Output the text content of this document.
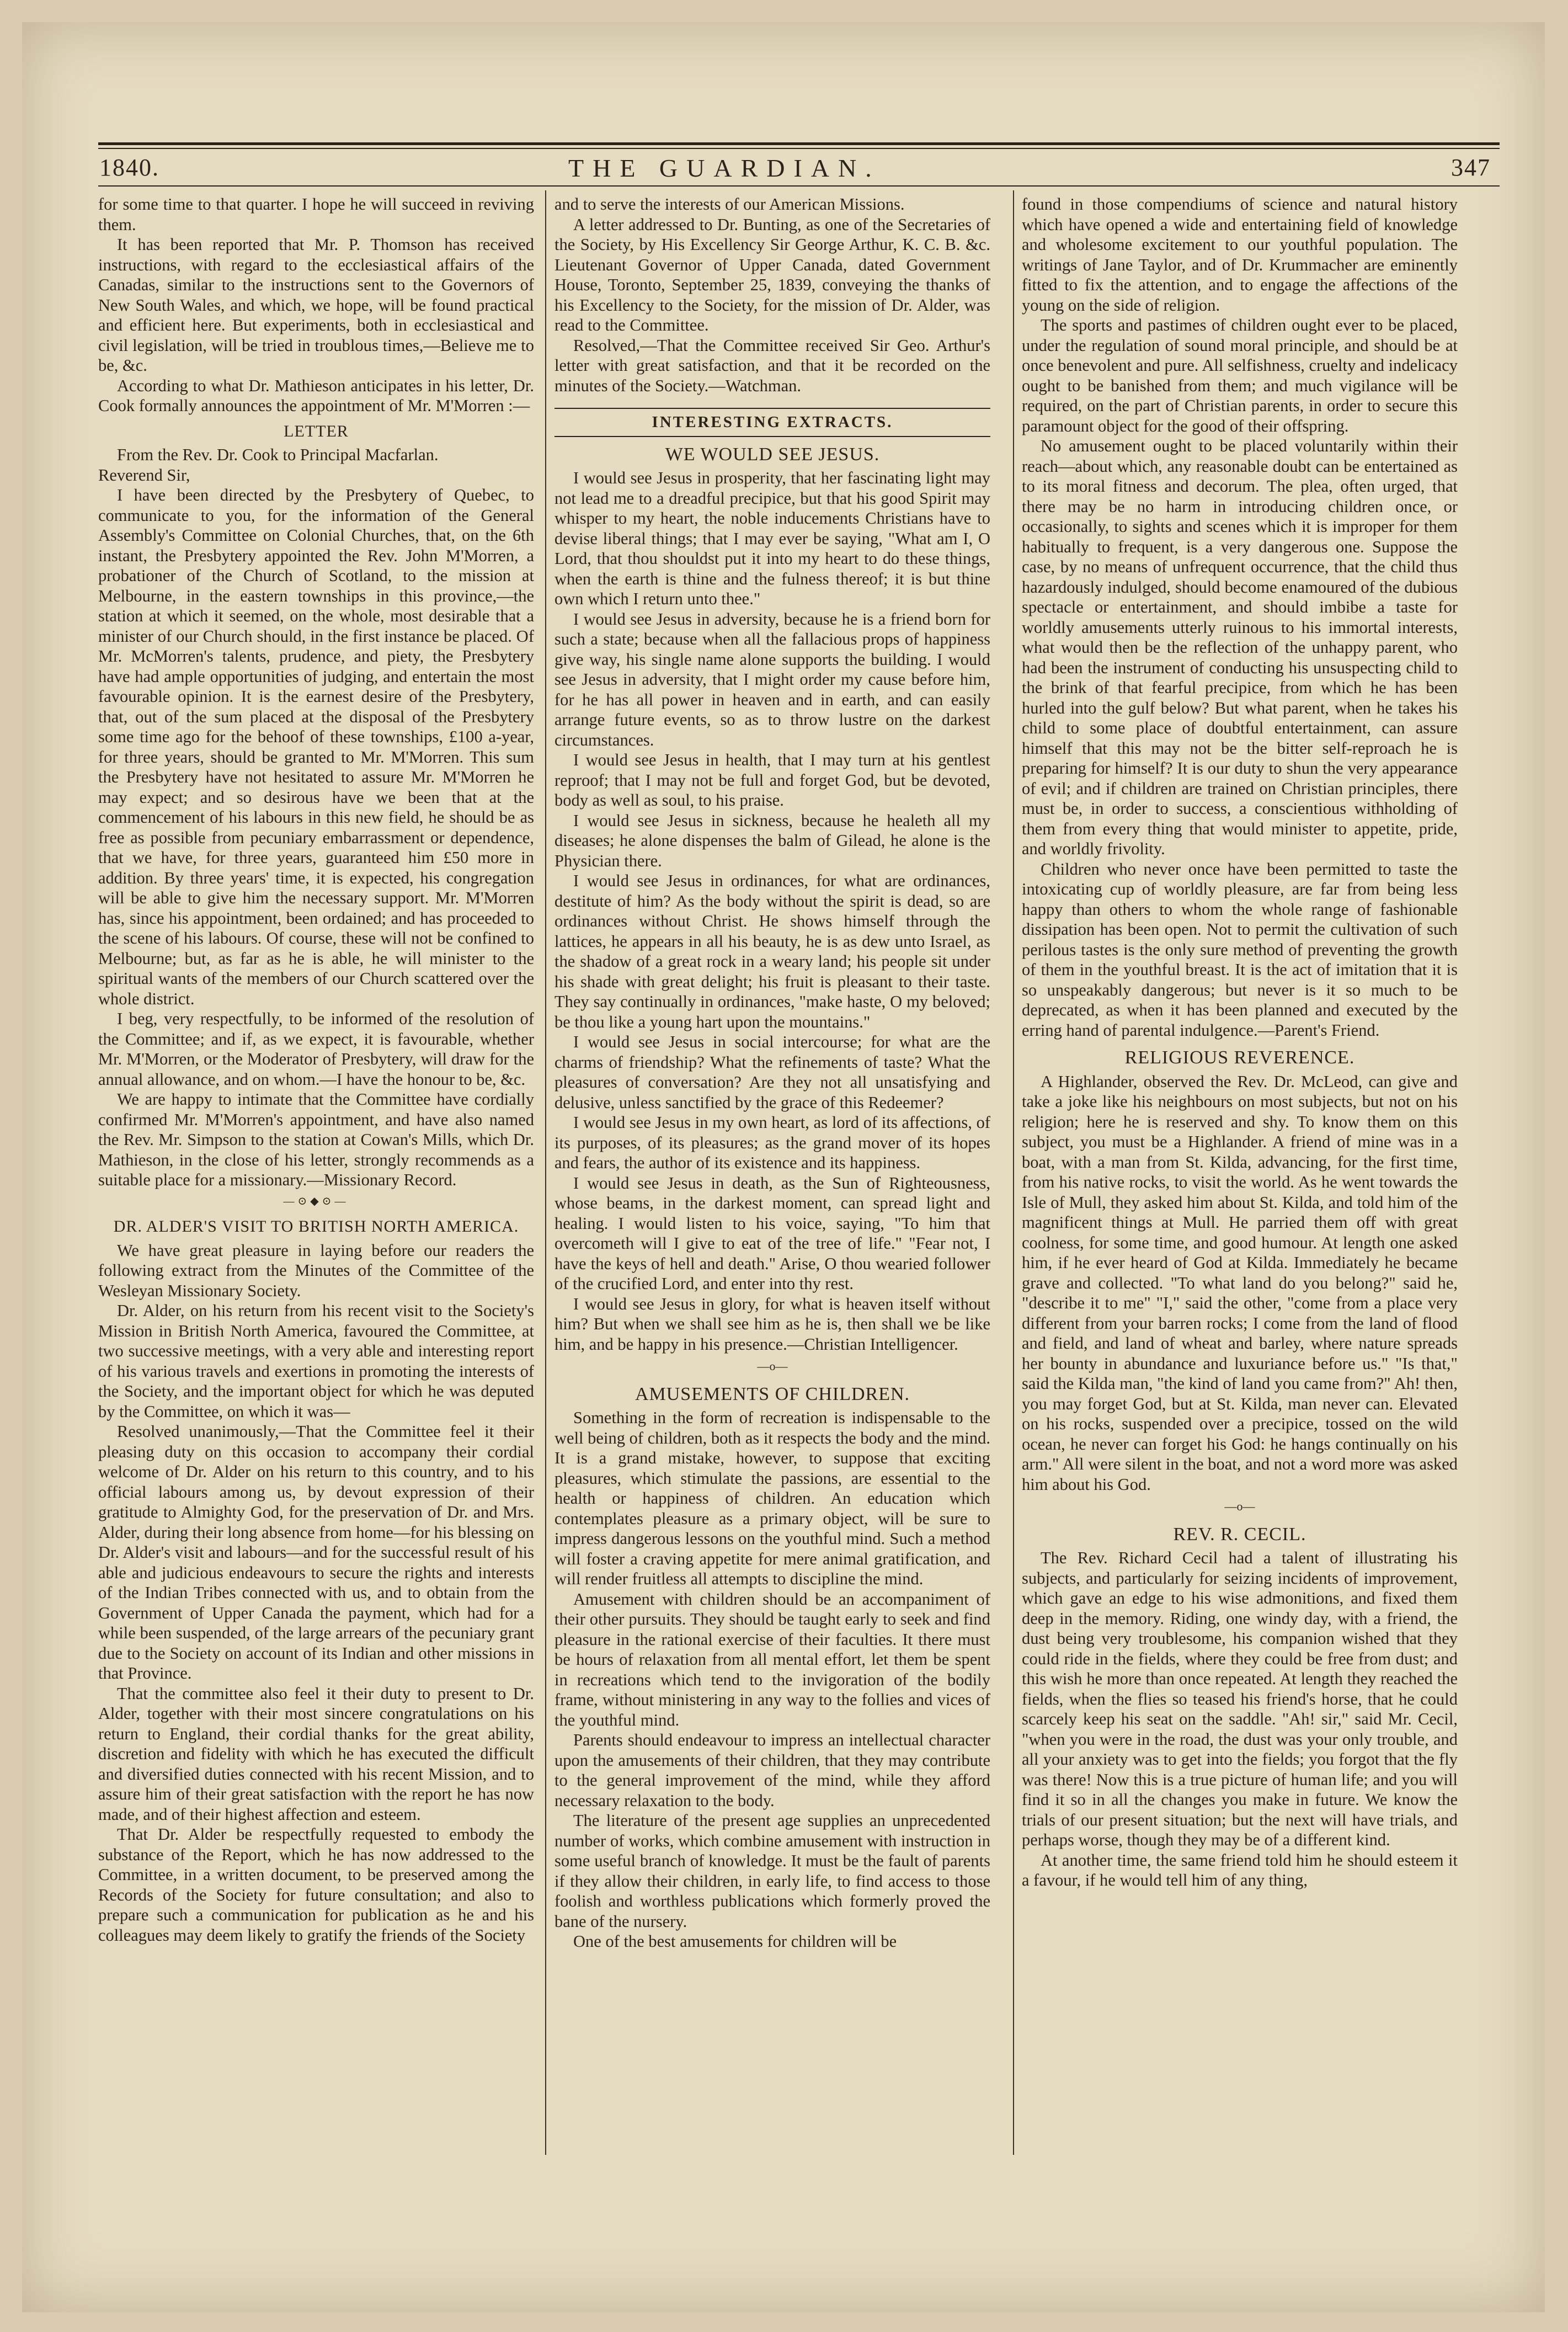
1840.	THE GUARDIAN.	347

for some time to that quarter. I hope he will succeed in reviving them.

It has been reported that Mr. P. Thomson has received instructions, with regard to the ecclesiastical affairs of the Canadas, similar to the instructions sent to the Governors of New South Wales, and which, we hope, will be found practical and efficient here. But experiments, both in ecclesiastical and civil legislation, will be tried in troublous times,—Believe me to be, &c.

According to what Dr. Mathieson anticipates in his letter, Dr. Cook formally announces the appointment of Mr. M'Morren :—

LETTER

From the Rev. Dr. Cook to Principal Macfarlan.

Reverend Sir,

I have been directed by the Presbytery of Quebec, to communicate to you, for the information of the General Assembly's Committee on Colonial Churches, that, on the 6th instant, the Presbytery appointed the Rev. John M'Morren, a probationer of the Church of Scotland, to the mission at Melbourne, in the eastern townships in this province,—the station at which it seemed, on the whole, most desirable that a minister of our Church should, in the first instance be placed. Of Mr. McMorren's talents, prudence, and piety, the Presbytery have had ample opportunities of judging, and entertain the most favourable opinion. It is the earnest desire of the Presbytery, that, out of the sum placed at the disposal of the Presbytery some time ago for the behoof of these townships, £100 a-year, for three years, should be granted to Mr. M'Morren. This sum the Presbytery have not hesitated to assure Mr. M'Morren he may expect; and so desirous have we been that at the commencement of his labours in this new field, he should be as free as possible from pecuniary embarrassment or dependence, that we have, for three years, guaranteed him £50 more in addition. By three years' time, it is expected, his congregation will be able to give him the necessary support. Mr. M'Morren has, since his appointment, been ordained; and has proceeded to the scene of his labours. Of course, these will not be confined to Melbourne; but, as far as he is able, he will minister to the spiritual wants of the members of our Church scattered over the whole district.

I beg, very respectfully, to be informed of the resolution of the Committee; and if, as we expect, it is favourable, whether Mr. M'Morren, or the Moderator of Presbytery, will draw for the annual allowance, and on whom.—I have the honour to be, &c.

We are happy to intimate that the Committee have cordially confirmed Mr. M'Morren's appointment, and have also named the Rev. Mr. Simpson to the station at Cowan's Mills, which Dr. Mathieson, in the close of his letter, strongly recommends as a suitable place for a missionary.—Missionary Record.

—⊙◆⊙—
DR. ALDER'S VISIT TO BRITISH NORTH AMERICA.

We have great pleasure in laying before our readers the following extract from the Minutes of the Committee of the Wesleyan Missionary Society.

Dr. Alder, on his return from his recent visit to the Society's Mission in British North America, favoured the Committee, at two successive meetings, with a very able and interesting report of his various travels and exertions in promoting the interests of the Society, and the important object for which he was deputed by the Committee, on which it was—

Resolved unanimously,—That the Committee feel it their pleasing duty on this occasion to accompany their cordial welcome of Dr. Alder on his return to this country, and to his official labours among us, by devout expression of their gratitude to Almighty God, for the preservation of Dr. and Mrs. Alder, during their long absence from home—for his blessing on Dr. Alder's visit and labours—and for the successful result of his able and judicious endeavours to secure the rights and interests of the Indian Tribes connected with us, and to obtain from the Government of Upper Canada the payment, which had for a while been suspended, of the large arrears of the pecuniary grant due to the Society on account of its Indian and other missions in that Province.

That the committee also feel it their duty to present to Dr. Alder, together with their most sincere congratulations on his return to England, their cordial thanks for the great ability, discretion and fidelity with which he has executed the difficult and diversified duties connected with his recent Mission, and to assure him of their great satisfaction with the report he has now made, and of their highest affection and esteem.

That Dr. Alder be respectfully requested to embody the substance of the Report, which he has now addressed to the Committee, in a written document, to be preserved among the Records of the Society for future consultation; and also to prepare such a communication for publication as he and his colleagues may deem likely to gratify the friends of the Society

and to serve the interests of our American Missions.

A letter addressed to Dr. Bunting, as one of the Secretaries of the Society, by His Excellency Sir George Arthur, K. C. B. &c. Lieutenant Governor of Upper Canada, dated Government House, Toronto, September 25, 1839, conveying the thanks of his Excellency to the Society, for the mission of Dr. Alder, was read to the Committee.

Resolved,—That the Committee received Sir Geo. Arthur's letter with great satisfaction, and that it be recorded on the minutes of the Society.—Watchman.

INTERESTING EXTRACTS.
WE WOULD SEE JESUS.

I would see Jesus in prosperity, that her fascinating light may not lead me to a dreadful precipice, but that his good Spirit may whisper to my heart, the noble inducements Christians have to devise liberal things; that I may ever be saying, "What am I, O Lord, that thou shouldst put it into my heart to do these things, when the earth is thine and the fulness thereof; it is but thine own which I return unto thee."

I would see Jesus in adversity, because he is a friend born for such a state; because when all the fallacious props of happiness give way, his single name alone supports the building. I would see Jesus in adversity, that I might order my cause before him, for he has all power in heaven and in earth, and can easily arrange future events, so as to throw lustre on the darkest circumstances.

I would see Jesus in health, that I may turn at his gentlest reproof; that I may not be full and forget God, but be devoted, body as well as soul, to his praise.

I would see Jesus in sickness, because he healeth all my diseases; he alone dispenses the balm of Gilead, he alone is the Physician there.

I would see Jesus in ordinances, for what are ordinances, destitute of him? As the body without the spirit is dead, so are ordinances without Christ. He shows himself through the lattices, he appears in all his beauty, he is as dew unto Israel, as the shadow of a great rock in a weary land; his people sit under his shade with great delight; his fruit is pleasant to their taste. They say continually in ordinances, "make haste, O my beloved; be thou like a young hart upon the mountains."

I would see Jesus in social intercourse; for what are the charms of friendship? What the refinements of taste? What the pleasures of conversation? Are they not all unsatisfying and delusive, unless sanctified by the grace of this Redeemer?

I would see Jesus in my own heart, as lord of its affections, of its purposes, of its pleasures; as the grand mover of its hopes and fears, the author of its existence and its happiness.

I would see Jesus in death, as the Sun of Righteousness, whose beams, in the darkest moment, can spread light and healing. I would listen to his voice, saying, "To him that overcometh will I give to eat of the tree of life." "Fear not, I have the keys of hell and death." Arise, O thou wearied follower of the crucified Lord, and enter into thy rest.

I would see Jesus in glory, for what is heaven itself without him? But when we shall see him as he is, then shall we be like him, and be happy in his presence.—Christian Intelligencer.

—o—
AMUSEMENTS OF CHILDREN.

Something in the form of recreation is indispensable to the well being of children, both as it respects the body and the mind. It is a grand mistake, however, to suppose that exciting pleasures, which stimulate the passions, are essential to the health or happiness of children. An education which contemplates pleasure as a primary object, will be sure to impress dangerous lessons on the youthful mind. Such a method will foster a craving appetite for mere animal gratification, and will render fruitless all attempts to discipline the mind.

Amusement with children should be an accompaniment of their other pursuits. They should be taught early to seek and find pleasure in the rational exercise of their faculties. It there must be hours of relaxation from all mental effort, let them be spent in recreations which tend to the invigoration of the bodily frame, without ministering in any way to the follies and vices of the youthful mind.

Parents should endeavour to impress an intellectual character upon the amusements of their children, that they may contribute to the general improvement of the mind, while they afford necessary relaxation to the body.

The literature of the present age supplies an unprecedented number of works, which combine amusement with instruction in some useful branch of knowledge. It must be the fault of parents if they allow their children, in early life, to find access to those foolish and worthless publications which formerly proved the bane of the nursery.

One of the best amusements for children will be

found in those compendiums of science and natural history which have opened a wide and entertaining field of knowledge and wholesome excitement to our youthful population. The writings of Jane Taylor, and of Dr. Krummacher are eminently fitted to fix the attention, and to engage the affections of the young on the side of religion.

The sports and pastimes of children ought ever to be placed, under the regulation of sound moral principle, and should be at once benevolent and pure. All selfishness, cruelty and indelicacy ought to be banished from them; and much vigilance will be required, on the part of Christian parents, in order to secure this paramount object for the good of their offspring.

No amusement ought to be placed voluntarily within their reach—about which, any reasonable doubt can be entertained as to its moral fitness and decorum. The plea, often urged, that there may be no harm in introducing children once, or occasionally, to sights and scenes which it is improper for them habitually to frequent, is a very dangerous one. Suppose the case, by no means of unfrequent occurrence, that the child thus hazardously indulged, should become enamoured of the dubious spectacle or entertainment, and should imbibe a taste for worldly amusements utterly ruinous to his immortal interests, what would then be the reflection of the unhappy parent, who had been the instrument of conducting his unsuspecting child to the brink of that fearful precipice, from which he has been hurled into the gulf below? But what parent, when he takes his child to some place of doubtful entertainment, can assure himself that this may not be the bitter self-reproach he is preparing for himself? It is our duty to shun the very appearance of evil; and if children are trained on Christian principles, there must be, in order to success, a conscientious withholding of them from every thing that would minister to appetite, pride, and worldly frivolity.

Children who never once have been permitted to taste the intoxicating cup of worldly pleasure, are far from being less happy than others to whom the whole range of fashionable dissipation has been open. Not to permit the cultivation of such perilous tastes is the only sure method of preventing the growth of them in the youthful breast. It is the act of imitation that it is so unspeakably dangerous; but never is it so much to be deprecated, as when it has been planned and executed by the erring hand of parental indulgence.—Parent's Friend.

RELIGIOUS REVERENCE.

A Highlander, observed the Rev. Dr. McLeod, can give and take a joke like his neighbours on most subjects, but not on his religion; here he is reserved and shy. To know them on this subject, you must be a Highlander. A friend of mine was in a boat, with a man from St. Kilda, advancing, for the first time, from his native rocks, to visit the world. As he went towards the Isle of Mull, they asked him about St. Kilda, and told him of the magnificent things at Mull. He parried them off with great coolness, for some time, and good humour. At length one asked him, if he ever heard of God at Kilda. Immediately he became grave and collected. "To what land do you belong?" said he, "describe it to me" "I," said the other, "come from a place very different from your barren rocks; I come from the land of flood and field, and land of wheat and barley, where nature spreads her bounty in abundance and luxuriance before us." "Is that," said the Kilda man, "the kind of land you came from?" Ah! then, you may forget God, but at St. Kilda, man never can. Elevated on his rocks, suspended over a precipice, tossed on the wild ocean, he never can forget his God: he hangs continually on his arm." All were silent in the boat, and not a word more was asked him about his God.

—o—
REV. R. CECIL.

The Rev. Richard Cecil had a talent of illustrating his subjects, and particularly for seizing incidents of improvement, which gave an edge to his wise admonitions, and fixed them deep in the memory. Riding, one windy day, with a friend, the dust being very troublesome, his companion wished that they could ride in the fields, where they could be free from dust; and this wish he more than once repeated. At length they reached the fields, when the flies so teased his friend's horse, that he could scarcely keep his seat on the saddle. "Ah! sir," said Mr. Cecil, "when you were in the road, the dust was your only trouble, and all your anxiety was to get into the fields; you forgot that the fly was there! Now this is a true picture of human life; and you will find it so in all the changes you make in future. We know the trials of our present situation; but the next will have trials, and perhaps worse, though they may be of a different kind.

At another time, the same friend told him he should esteem it a favour, if he would tell him of any thing,
